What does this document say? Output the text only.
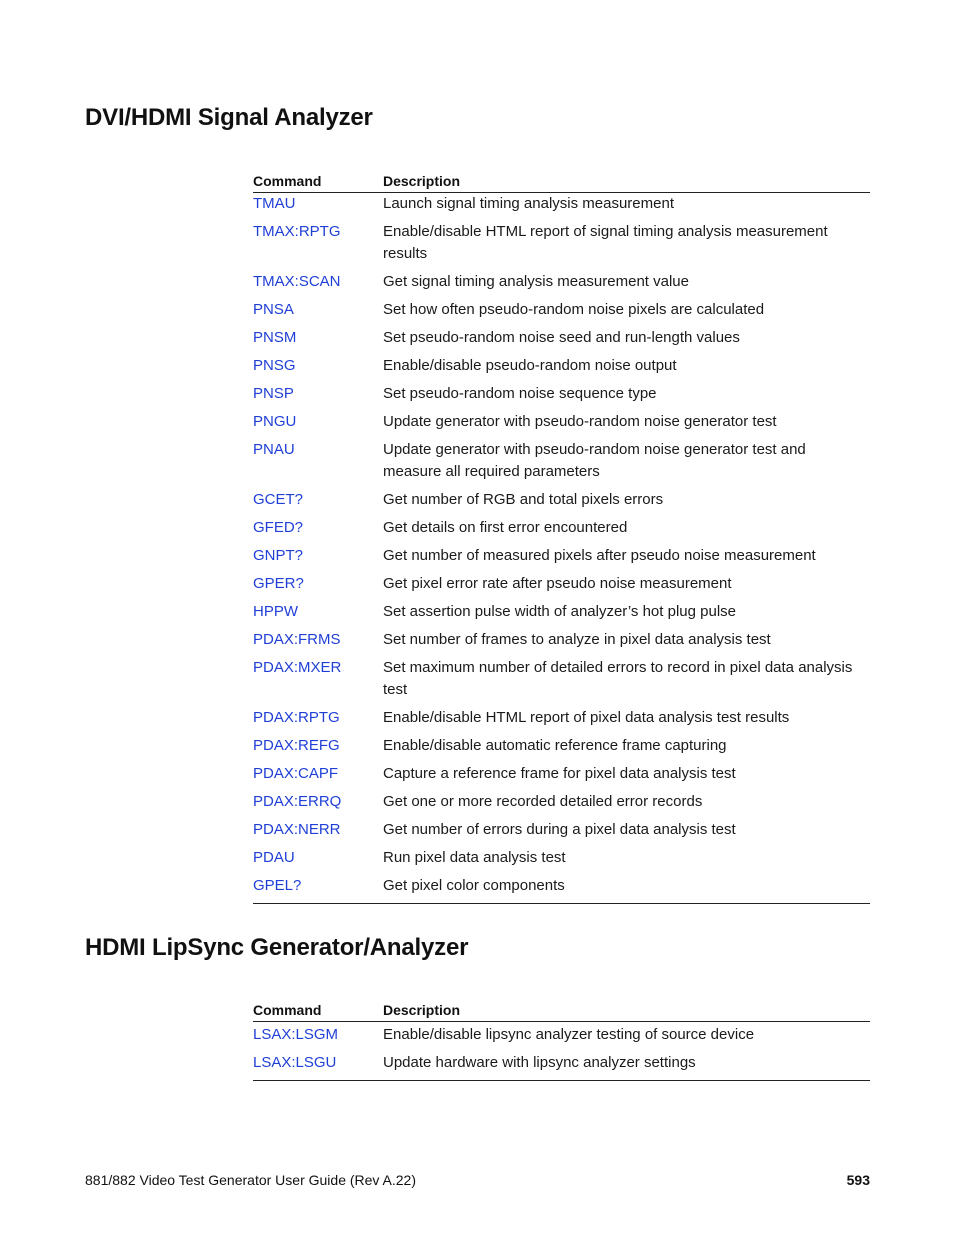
DVI/HDMI Signal Analyzer
Command	Description
TMAU	Launch signal timing analysis measurement
TMAX:RPTG	Enable/disable HTML report of signal timing analysis measurement results
TMAX:SCAN	Get signal timing analysis measurement value
PNSA	Set how often pseudo-random noise pixels are calculated
PNSM	Set pseudo-random noise seed and run-length values
PNSG	Enable/disable pseudo-random noise output
PNSP	Set pseudo-random noise sequence type
PNGU	Update generator with pseudo-random noise generator test
PNAU	Update generator with pseudo-random noise generator test and measure all required parameters
GCET?	Get number of RGB and total pixels errors
GFED?	Get details on first error encountered
GNPT?	Get number of measured pixels after pseudo noise measurement
GPER?	Get pixel error rate after pseudo noise measurement
HPPW	Set assertion pulse width of analyzer’s hot plug pulse
PDAX:FRMS	Set number of frames to analyze in pixel data analysis test
PDAX:MXER	Set maximum number of detailed errors to record in pixel data analysis test
PDAX:RPTG	Enable/disable HTML report of pixel data analysis test results
PDAX:REFG	Enable/disable automatic reference frame capturing
PDAX:CAPF	Capture a reference frame for pixel data analysis test
PDAX:ERRQ	Get one or more recorded detailed error records
PDAX:NERR	Get number of errors during a pixel data analysis test
PDAU	Run pixel data analysis test
GPEL?	Get pixel color components
HDMI LipSync Generator/Analyzer
Command	Description
LSAX:LSGM	Enable/disable lipsync analyzer testing of source device
LSAX:LSGU	Update hardware with lipsync analyzer settings
881/882 Video Test Generator User Guide (Rev A.22)	593
